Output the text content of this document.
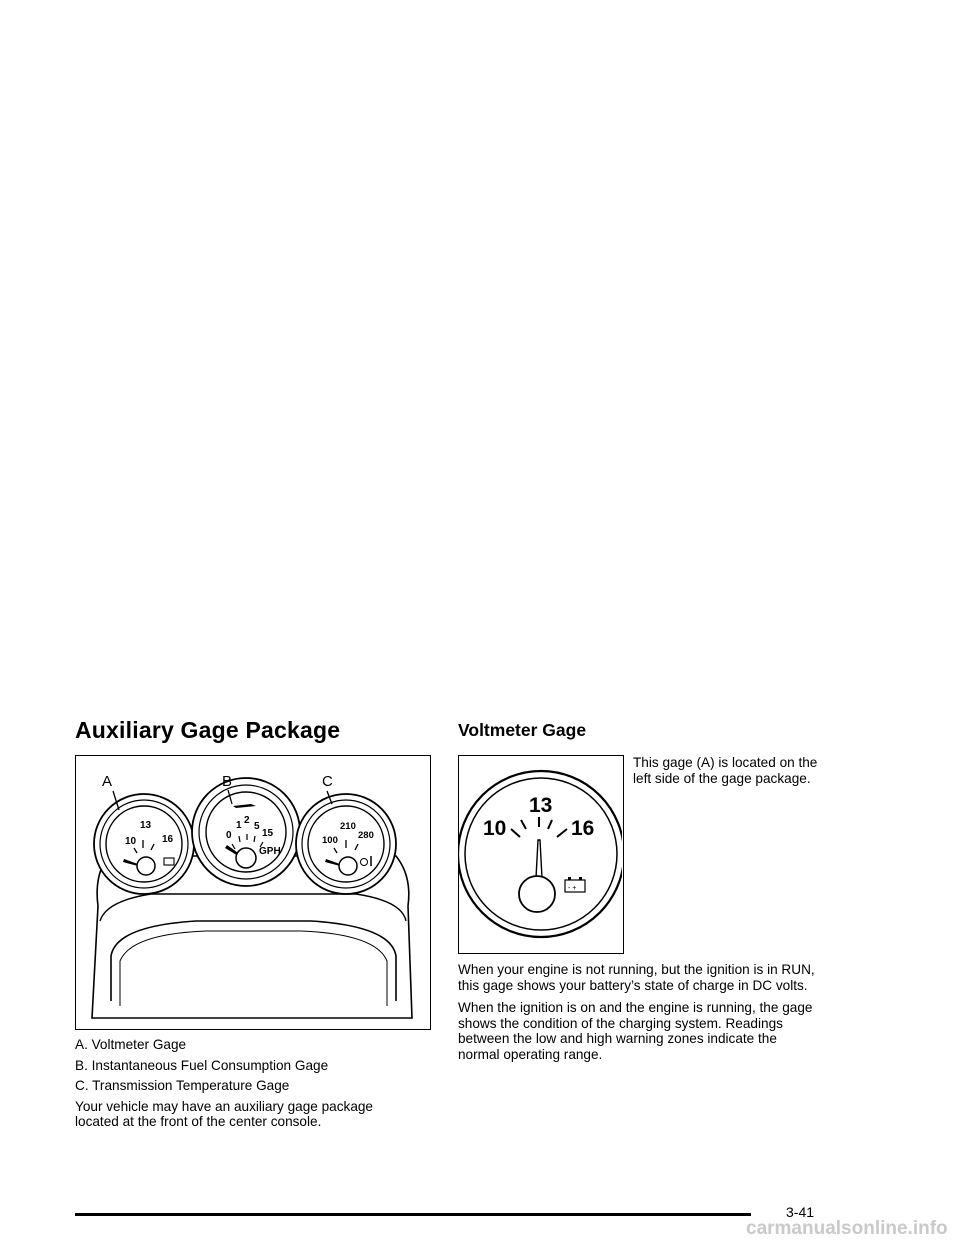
Auxiliary Gage Package
10
13
16	0
1 2
5
15
GPH
100
210
280
A	B	C
A. Voltmeter Gage
B. Instantaneous Fuel Consumption Gage
C. Transmission Temperature Gage
Your vehicle may have an auxiliary gage package located at the front of the center console.
Voltmeter Gage
13
10	16
- +
This gage (A) is located on the left side of the gage package.
When your engine is not running, but the ignition is in RUN, this gage shows your battery’s state of charge in DC volts.
When the ignition is on and the engine is running, the gage shows the condition of the charging system. Readings between the low and high warning zones indicate the normal operating range.
3-41
carmanualsonline.info
